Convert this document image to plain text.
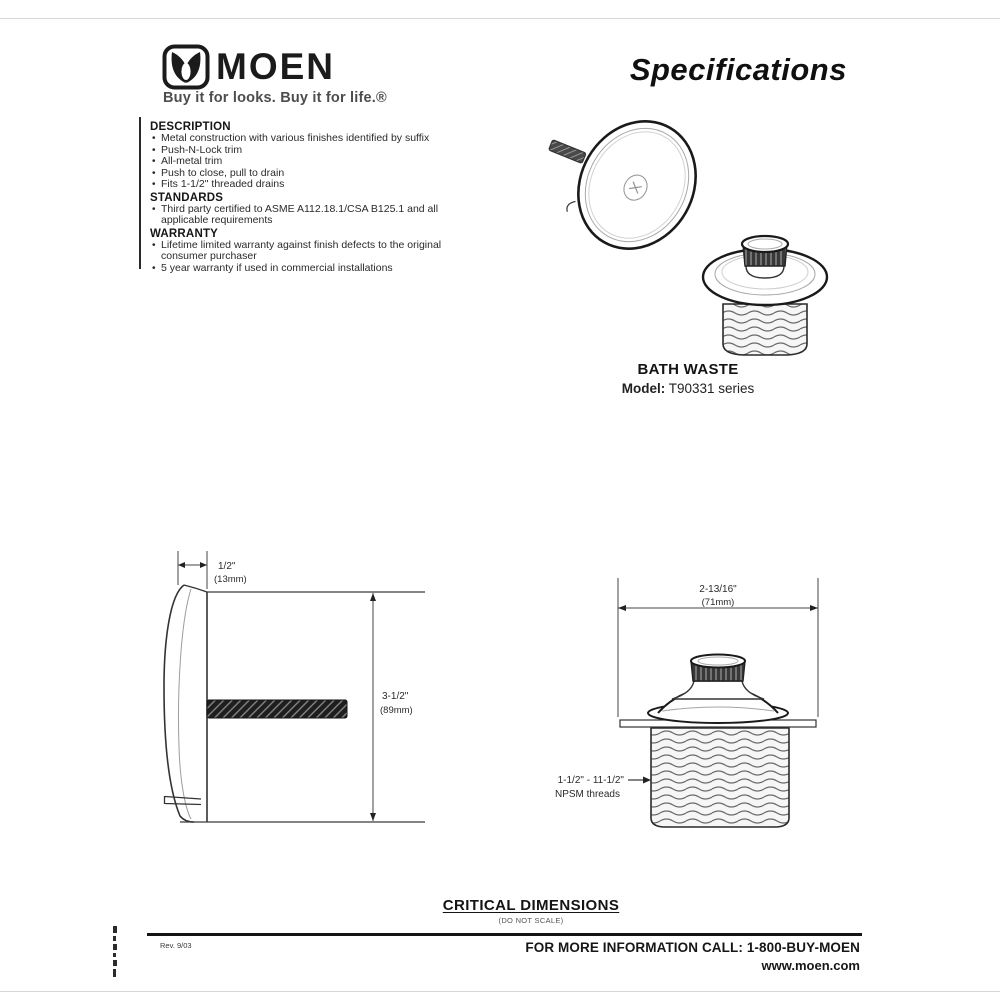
MOEN
Buy it for looks. Buy it for life.®
Specifications
DESCRIPTION
• Metal construction with various finishes identified by suffix
• Push-N-Lock trim
• All-metal trim
• Push to close, pull to drain
• Fits 1-1/2" threaded drains
STANDARDS
• Third party certified to ASME A112.18.1/CSA B125.1 and all applicable requirements
WARRANTY
• Lifetime limited warranty against finish defects to the original consumer purchaser
• 5 year warranty if used in commercial installations
BATH WASTE
Model: T90331 series
1/2"
(13mm)
3-1/2"
(89mm)
2-13/16"
(71mm)
1-1/2" - 11-1/2"
NPSM threads
CRITICAL DIMENSIONS
(DO NOT SCALE)
Rev. 9/03	FOR MORE INFORMATION CALL: 1-800-BUY-MOEN
www.moen.com
